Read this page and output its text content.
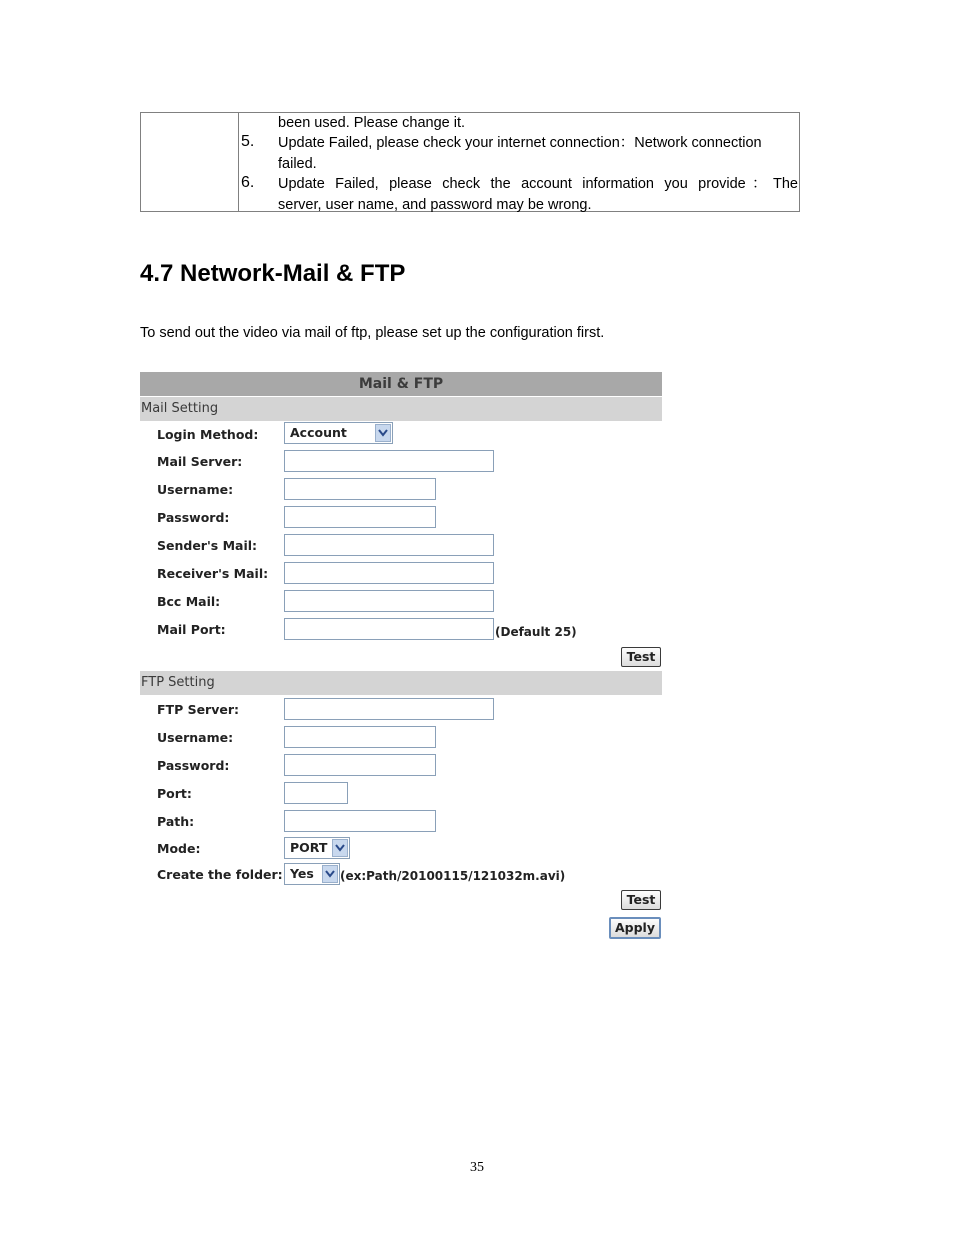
been used. Please change it.
5. Update Failed, please check your internet connection：Network connection
failed.
6. Update Failed, please check the account information you provide：The
server, user name, and password may be wrong.
4.7 Network-Mail & FTP
To send out the video via mail of ftp, please set up the configuration first.
Mail & FTP
Mail Setting
Login Method:	Account
Mail Server:
Username:
Password:
Sender's Mail:
Receiver's Mail:
Bcc Mail:
Mail Port:	(Default 25)
Test
FTP Setting
FTP Server:
Username:
Password:
Port:
Path:
Mode:	PORT
Create the folder: Yes	(ex:Path/20100115/121032m.avi)
Test
Apply
35
